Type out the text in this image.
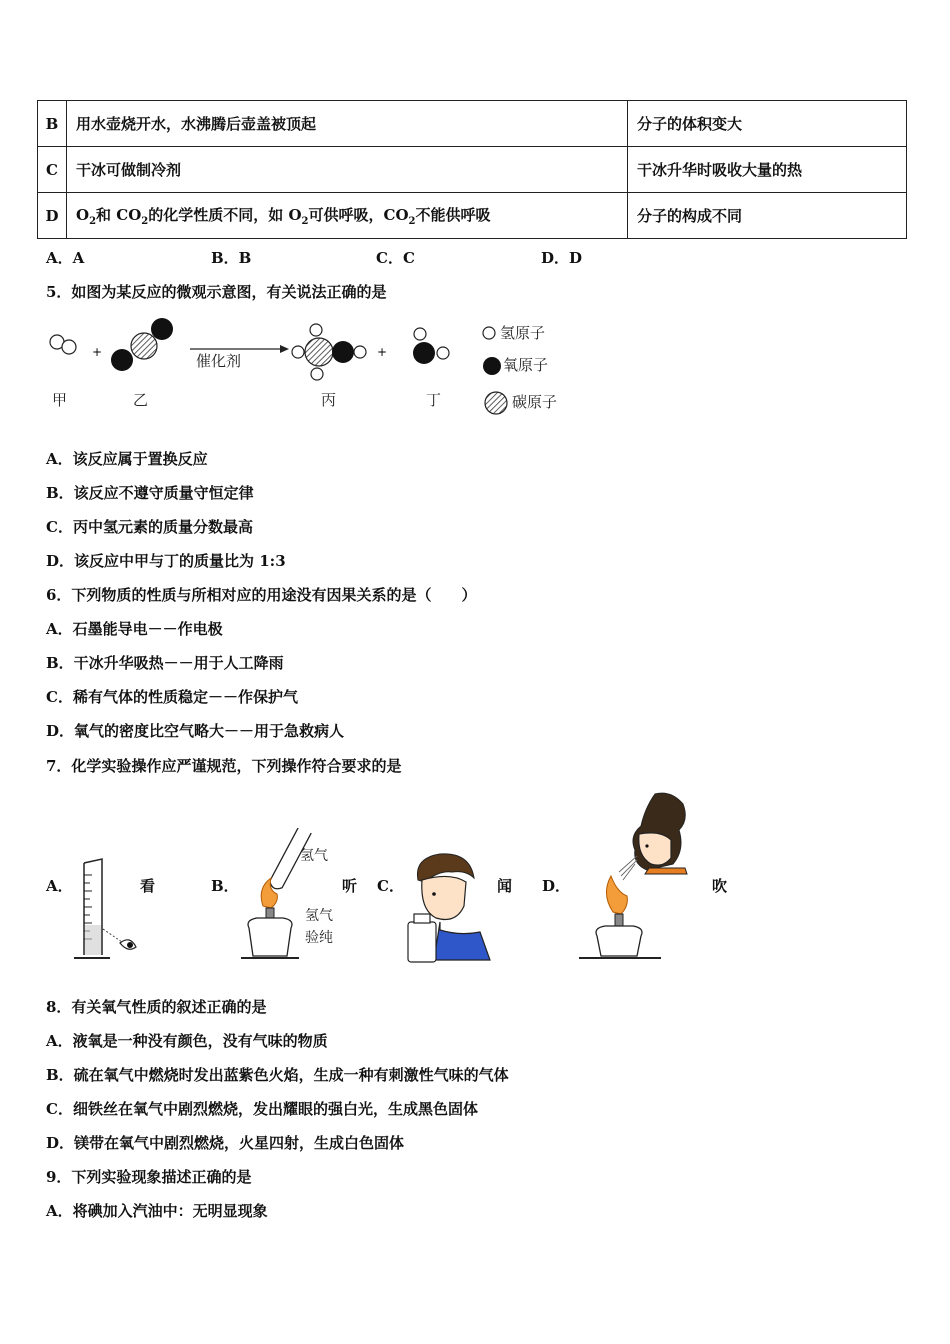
B	用水壶烧开水，水沸腾后壶盖被顶起	分子的体积变大
C	干冰可做制冷剂	干冰升华时吸收大量的热
D	$O_2$和 $CO_2$的化学性质不同，如 $O_2$可供呼吸，$CO_2$不能供呼吸	分子的构成不同
A．A	B．B	C．C	D．D
5．如图为某反应的微观示意图，有关说法正确的是
+	+
催化剂
甲	乙	丙	丁
氢原子
氧原子
碳原子
A．该反应属于置换反应
B．该反应不遵守质量守恒定律
C．丙中氢元素的质量分数最高
D．该反应中甲与丁的质量比为 1:3
6．下列物质的性质与所相对应的用途没有因果关系的是（　　）
A．石墨能导电－－作电极
B．干冰升华吸热－－用于人工降雨
C．稀有气体的性质稳定－－作保护气
D．氧气的密度比空气略大－－用于急救病人
7．化学实验操作应严谨规范，下列操作符合要求的是
A．	看	B．	听 C．	闻 D．	吹
氢气
氢气
验纯
8．有关氧气性质的叙述正确的是
A．液氧是一种没有颜色，没有气味的物质
B．硫在氧气中燃烧时发出蓝紫色火焰，生成一种有刺激性气味的气体
C．细铁丝在氧气中剧烈燃烧，发出耀眼的强白光，生成黑色固体
D．镁带在氧气中剧烈燃烧，火星四射，生成白色固体
9．下列实验现象描述正确的是
A．将碘加入汽油中：无明显现象
